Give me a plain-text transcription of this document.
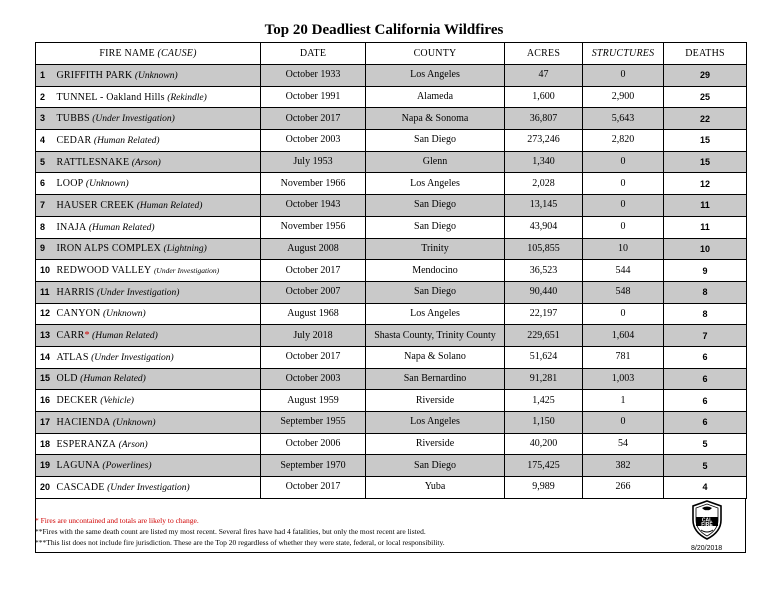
Top 20 Deadliest California Wildfires
FIRE NAME (CAUSE)	DATE	COUNTY	ACRES	STRUCTURES	DEATHS
1 GRIFFITH PARK (Unknown)	October 1933	Los Angeles	47	0	29
2 TUNNEL - Oakland Hills (Rekindle)	October 1991	Alameda	1,600	2,900	25
3 TUBBS (Under Investigation)	October 2017	Napa & Sonoma	36,807	5,643	22
4 CEDAR (Human Related)	October 2003	San Diego	273,246	2,820	15
5 RATTLESNAKE (Arson)	July 1953	Glenn	1,340	0	15
6 LOOP (Unknown)	November 1966	Los Angeles	2,028	0	12
7 HAUSER CREEK (Human Related)	October 1943	San Diego	13,145	0	11
8 INAJA (Human Related)	November 1956	San Diego	43,904	0	11
9 IRON ALPS COMPLEX (Lightning)	August 2008	Trinity	105,855	10	10
10 REDWOOD VALLEY (Under Investigation)	October 2017	Mendocino	36,523	544	9
11 HARRIS (Under Investigation)	October 2007	San Diego	90,440	548	8
12 CANYON (Unknown)	August 1968	Los Angeles	22,197	0	8
13 CARR* (Human Related)	July 2018	Shasta County, Trinity County	229,651	1,604	7
14 ATLAS (Under Investigation)	October 2017	Napa & Solano	51,624	781	6
15 OLD (Human Related)	October 2003	San Bernardino	91,281	1,003	6
16 DECKER (Vehicle)	August 1959	Riverside	1,425	1	6
17 HACIENDA (Unknown)	September 1955	Los Angeles	1,150	0	6
18 ESPERANZA (Arson)	October 2006	Riverside	40,200	54	5
19 LAGUNA (Powerlines)	September 1970	San Diego	175,425	382	5
20 CASCADE (Under Investigation)	October 2017	Yuba	9,989	266	4
* Fires are uncontained and totals are likely to change.
**Fires with the same death count are listed my most recent. Several fires have had 4 fatalities, but only the most recent are listed.
***This list does not include fire jurisdiction. These are the Top 20 regardless of whether they were state, federal, or local responsibility.
CAL
FIRE
8/20/2018
